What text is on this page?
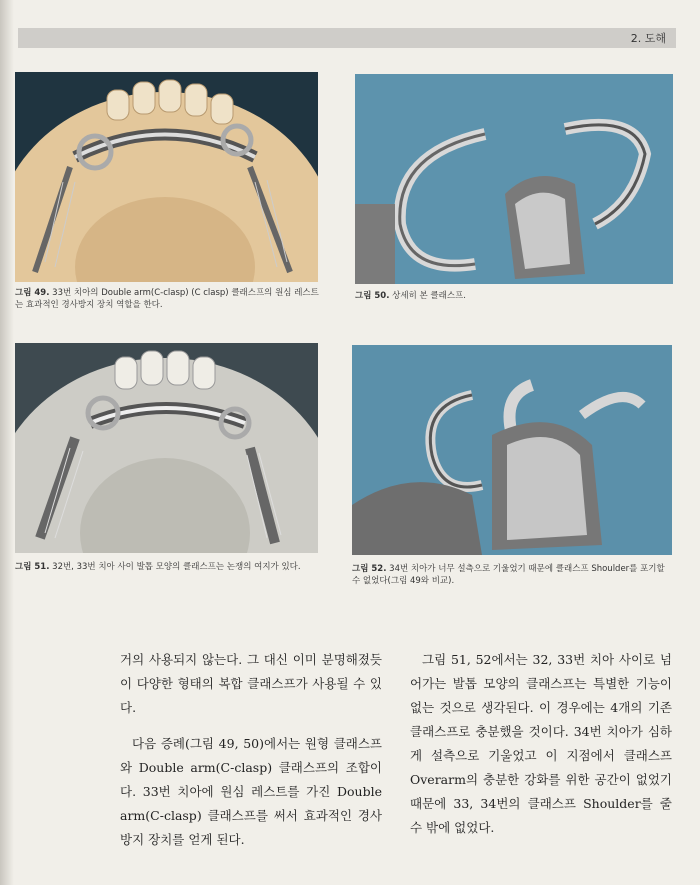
2. 도해
그림 49. 33번 치아의 Double arm(C-clasp) (C clasp) 클래스프의 원심 레스트는 효과적인 경사방지 장치 역할을 한다.
그림 50. 상세히 본 클래스프.
그림 51. 32번, 33번 치아 사이 발톱 모양의 클래스프는 논쟁의 여지가 있다.	그림 52. 34번 치아가 너무 설측으로 기울었기 때문에 클래스프 Shoulder를 포기할 수 없었다(그림 49와 비교).

거의 사용되지 않는다. 그 대신 이미 분명해졌듯이 다양한 형태의 복합 클래스프가 사용될 수 있다.

다음 증례(그림 49, 50)에서는 원형 클래스프와 Double arm(C-clasp) 클래스프의 조합이다. 33번 치아에 원심 레스트를 가진 Double arm(C-clasp) 클래스프를 써서 효과적인 경사방지 장치를 얻게 된다.

그림 51, 52에서는 32, 33번 치아 사이로 넘어가는 발톱 모양의 클래스프는 특별한 기능이 없는 것으로 생각된다. 이 경우에는 4개의 기존 클래스프로 충분했을 것이다. 34번 치아가 심하게 설측으로 기울었고 이 지점에서 클래스프 Overarm의 충분한 강화를 위한 공간이 없었기 때문에 33, 34번의 클래스프 Shoulder를 줄 수 밖에 없었다.
